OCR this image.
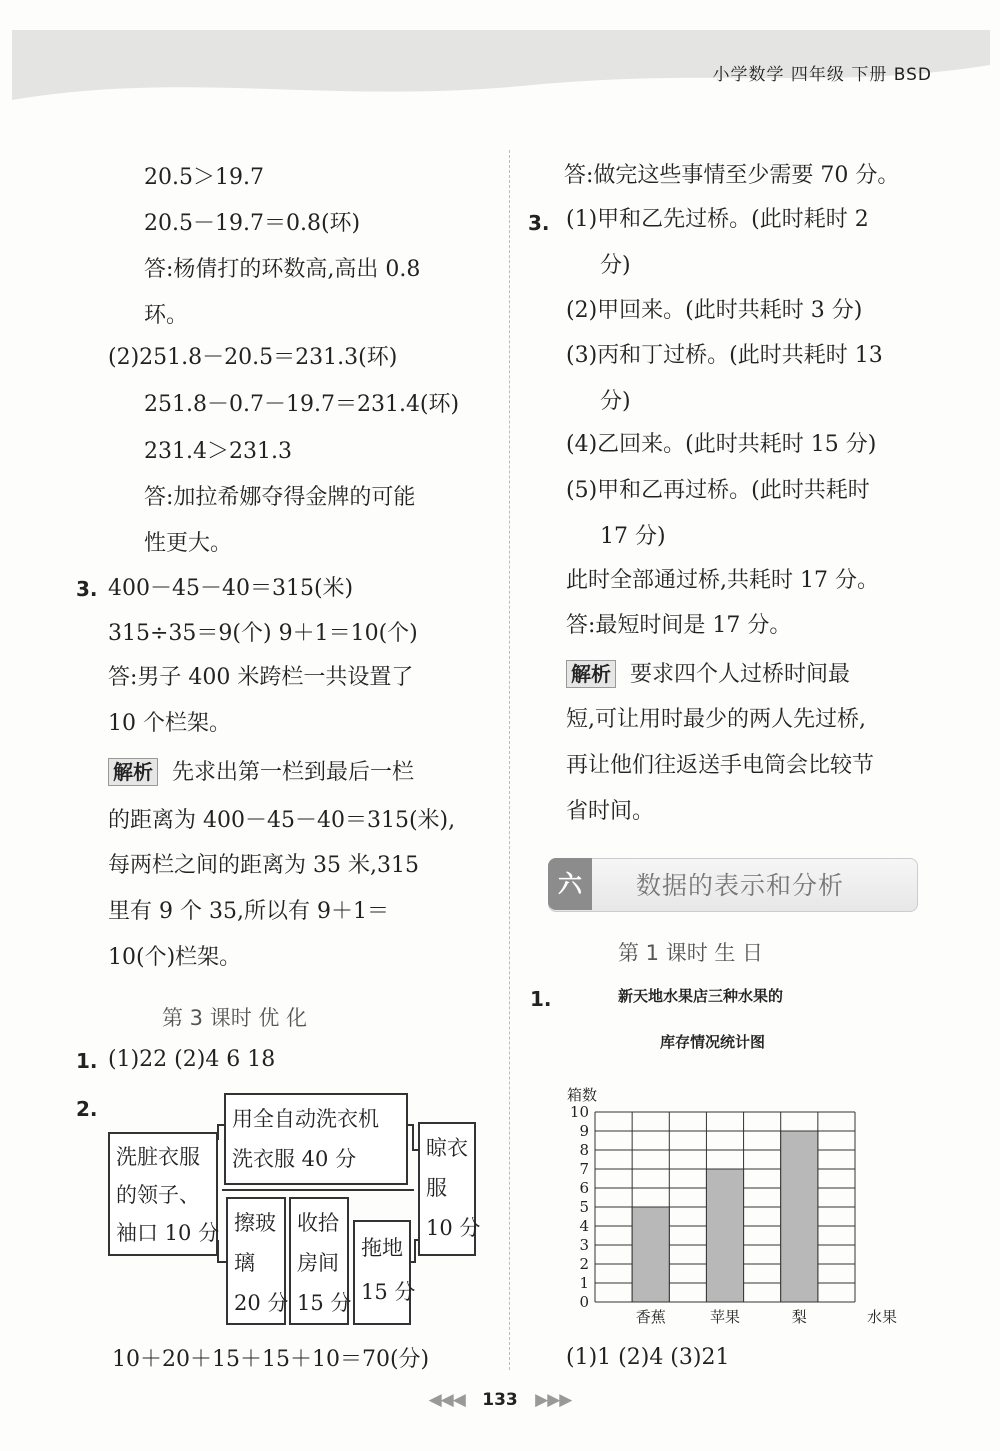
小学数学 四年级 下册 BSD
20.5＞19.7
20.5－19.7＝0.8(环)
答:杨倩打的环数高,高出 0.8
环。
(2)251.8－20.5＝231.3(环)
251.8－0.7－19.7＝231.4(环)
231.4＞231.3
答:加拉希娜夺得金牌的可能
性更大。
3. 400－45－40＝315(米)
315÷35＝9(个) 9＋1＝10(个)
答:男子 400 米跨栏一共设置了
10 个栏架。
解析 先求出第一栏到最后一栏
的距离为 400－45－40＝315(米),
每两栏之间的距离为 35 米,315
里有 9 个 35,所以有 9＋1＝
10(个)栏架。
第 3 课时 优 化
1. (1)22 (2)4 6 18
2.	用全自动洗衣机
洗衣服 40 分
洗脏衣服
的领子、
袖口 10 分
晾衣
服
10 分
擦玻
璃
20 分
收拾
房间
15 分
拖地
15 分
10＋20＋15＋15＋10＝70(分)
答:做完这些事情至少需要 70 分。
3. (1)甲和乙先过桥。(此时耗时 2
分)
(2)甲回来。(此时共耗时 3 分)
(3)丙和丁过桥。(此时共耗时 13
分)
(4)乙回来。(此时共耗时 15 分)
(5)甲和乙再过桥。(此时共耗时
17 分)
此时全部通过桥,共耗时 17 分。
答:最短时间是 17 分。
解析 要求四个人过桥时间最
短,可让用时最少的两人先过桥,
再让他们往返送手电筒会比较节
省时间。
六	数据的表示和分析
第 1 课时 生 日
1.	新天地水果店三种水果的
库存情况统计图
0
1
2
3
4
5
6
7
8
9
10
香蕉	苹果	梨
箱数
水果
(1)1 (2)4 (3)21
◀◀◀ 133 ▶▶▶
